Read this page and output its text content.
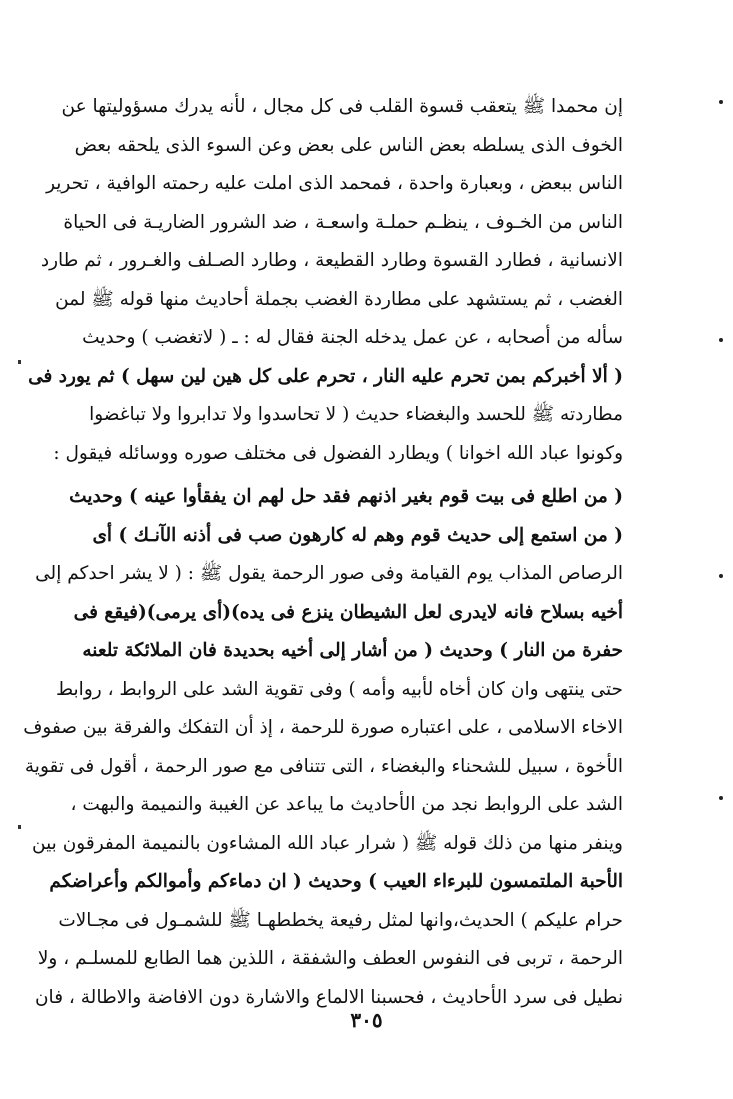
إن محمدا ﷺ يتعقب قسوة القلب فى كل مجال ، لأنه يدرك مسؤوليتها عن
الخوف الذى يسلطه بعض الناس على بعض وعن السوء الذى يلحقه بعض
الناس ببعض ، وبعبارة واحدة ، فمحمد الذى املت عليه رحمته الوافية ، تحرير
الناس من الخـوف ، ينظـم حملـة واسعـة ، ضد الشرور الضاريـة فى الحياة
الانسانية ، فطارد القسوة وطارد القطيعة ، وطارد الصـلف والغـرور ، ثم طارد
الغضب ، ثم يستشهد على مطاردة الغضب بجملة أحاديث منها قوله ﷺ لمن
سأله من أصحابه ، عن عمل يدخله الجنة فقال له : ـ ( لاتغضب ) وحديث
( ألا أخبركم بمن تحرم عليه النار ، تحرم على كل هين لين سهل ) ثم يورد فى
مطاردته ﷺ للحسد والبغضاء حديث ( لا تحاسدوا ولا تدابروا ولا تباغضوا
وكونوا عباد الله اخوانا ) ويطارد الفضول فى مختلف صوره ووسائله فيقول :
( من اطلع فى بيت قوم بغير اذنهم فقد حل لهم ان يفقأوا عينه ) وحديث
( من استمع إلى حديث قوم وهم له كارهون صب فى أذنه الآنـك ) أى
الرصاص المذاب يوم القيامة وفى صور الرحمة يقول ﷺ : ( لا يشر احدكم إلى
أخيه بسلاح فانه لايدرى لعل الشيطان ينزع فى يده)(أى يرمى)(فيقع فى
حفرة من النار ) وحديث ( من أشار إلى أخيه بحديدة فان الملائكة تلعنه
حتى ينتهى وان كان أخاه لأبيه وأمه ) وفى تقوية الشد على الروابط ، روابط
الاخاء الاسلامى ، على اعتباره صورة للرحمة ، إذ أن التفكك والفرقة بين صفوف
الأخوة ، سبيل للشحناء والبغضاء ، التى تتنافى مع صور الرحمة ، أقول فى تقوية
الشد على الروابط نجد من الأحاديث ما يباعد عن الغيبة والنميمة والبهت ،
وينفر منها من ذلك قوله ﷺ ( شرار عباد الله المشاءون بالنميمة المفرقون بين
الأحبة الملتمسون للبرءاء العيب ) وحديث ( ان دماءكم وأموالكم وأعراضكم
حرام عليكم ) الحديث،وانها لمثل رفيعة يخططهـا ﷺ للشمـول فى مجـالات
الرحمة ، تربى فى النفوس العطف والشفقة ، اللذين هما الطابع للمسلـم ، ولا
نطيل فى سرد الأحاديث ، فحسبنا الالماع والاشارة دون الافاضة والاطالة ، فان
٣٠٥
